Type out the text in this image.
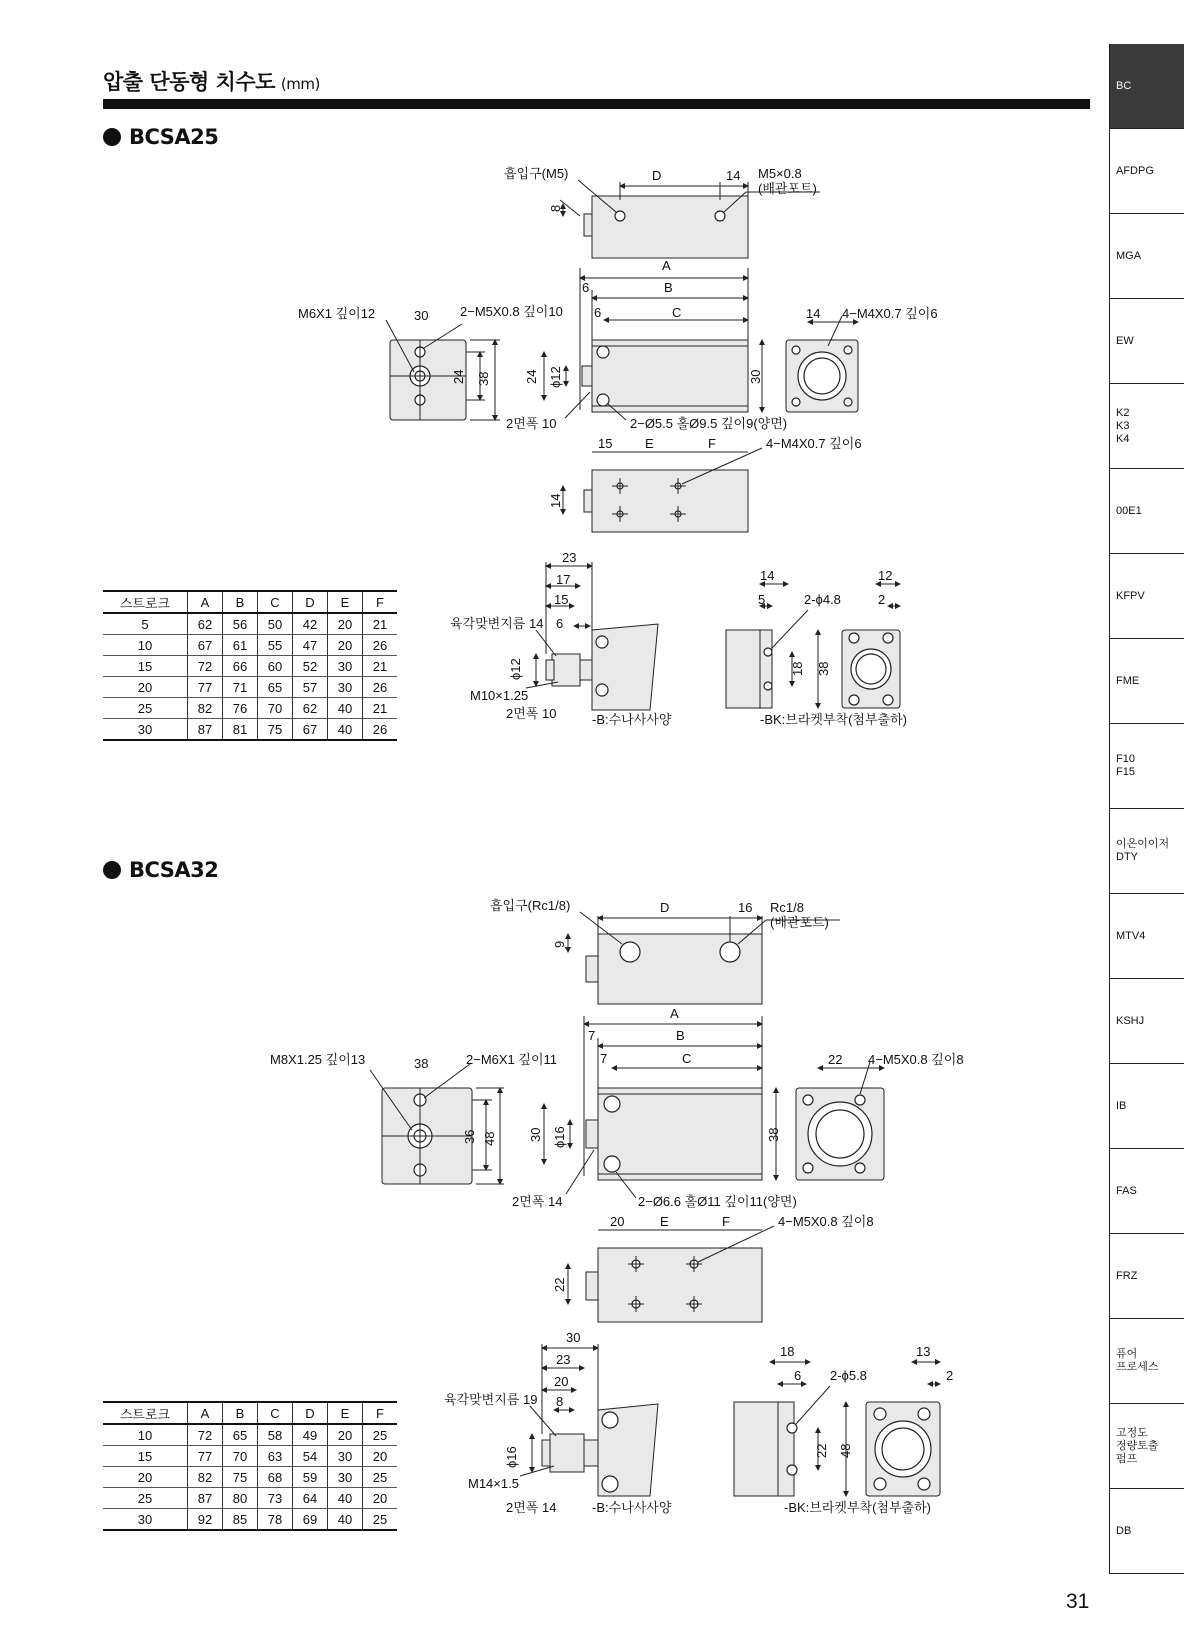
압출 단동형 치수도 (mm)
BCSA25
BCSA32
흡입구(M5)	D	14 M5×0.8
(배관포트)
8
M6X1 깊이12	30 2−M5X0.8 깊이10
24 38
A
B
C
6
6
24 ϕ12	30
2면폭 10	2−Ø5.5 홀Ø9.5 깊이9(양면)
14 4−M4X0.7 깊이6
15	E	F	4−M4X0.7 깊이6
14
23
17
15
6
육각맞변지름 14
ϕ12
M10×1.25
2면폭 10	-B:수나사사양
14	12
5	2-ϕ4.8	2
18 38
-BK:브라켓부착(첨부출하)
흡입구(Rc1/8)	D	16 Rc1/8
(배관포트)
9
M8X1.25 깊이13	38	2−M6X1 깊이11
36 48
A
B
C
7
7
30 ϕ16	38
2면폭 14	2−Ø6.6 홀Ø11 깊이11(양면)
22 4−M5X0.8 깊이8
20	E	F	4−M5X0.8 깊이8
22
30
23
20
8
육각맞변지름 19
ϕ16
M14×1.5
2면폭 14	-B:수나사사양
18	13
6 2-ϕ5.8	2
22 48
-BK:브라켓부착(첨부출하)
스트로크	A	B	C	D	E	F
5	62	56	50	42	20	21
10	67	61	55	47	20	26
15	72	66	60	52	30	21
20	77	71	65	57	30	26
25	82	76	70	62	40	21
30	87	81	75	67	40	26
스트로크	A	B	C	D	E	F
10	72	65	58	49	20	25
15	77	70	63	54	30	20
20	82	75	68	59	30	25
25	87	80	73	64	40	20
30	92	85	78	69	40	25
BC
AFDPG
MGA
EW
K2
K3
K4
00E1
KFPV
FME
F10
F15
이온이이저
DTY
MTV4
KSHJ
IB
FAS
FRZ
퓨어
프로세스
고정도
정량토출
펌프
DB
31
